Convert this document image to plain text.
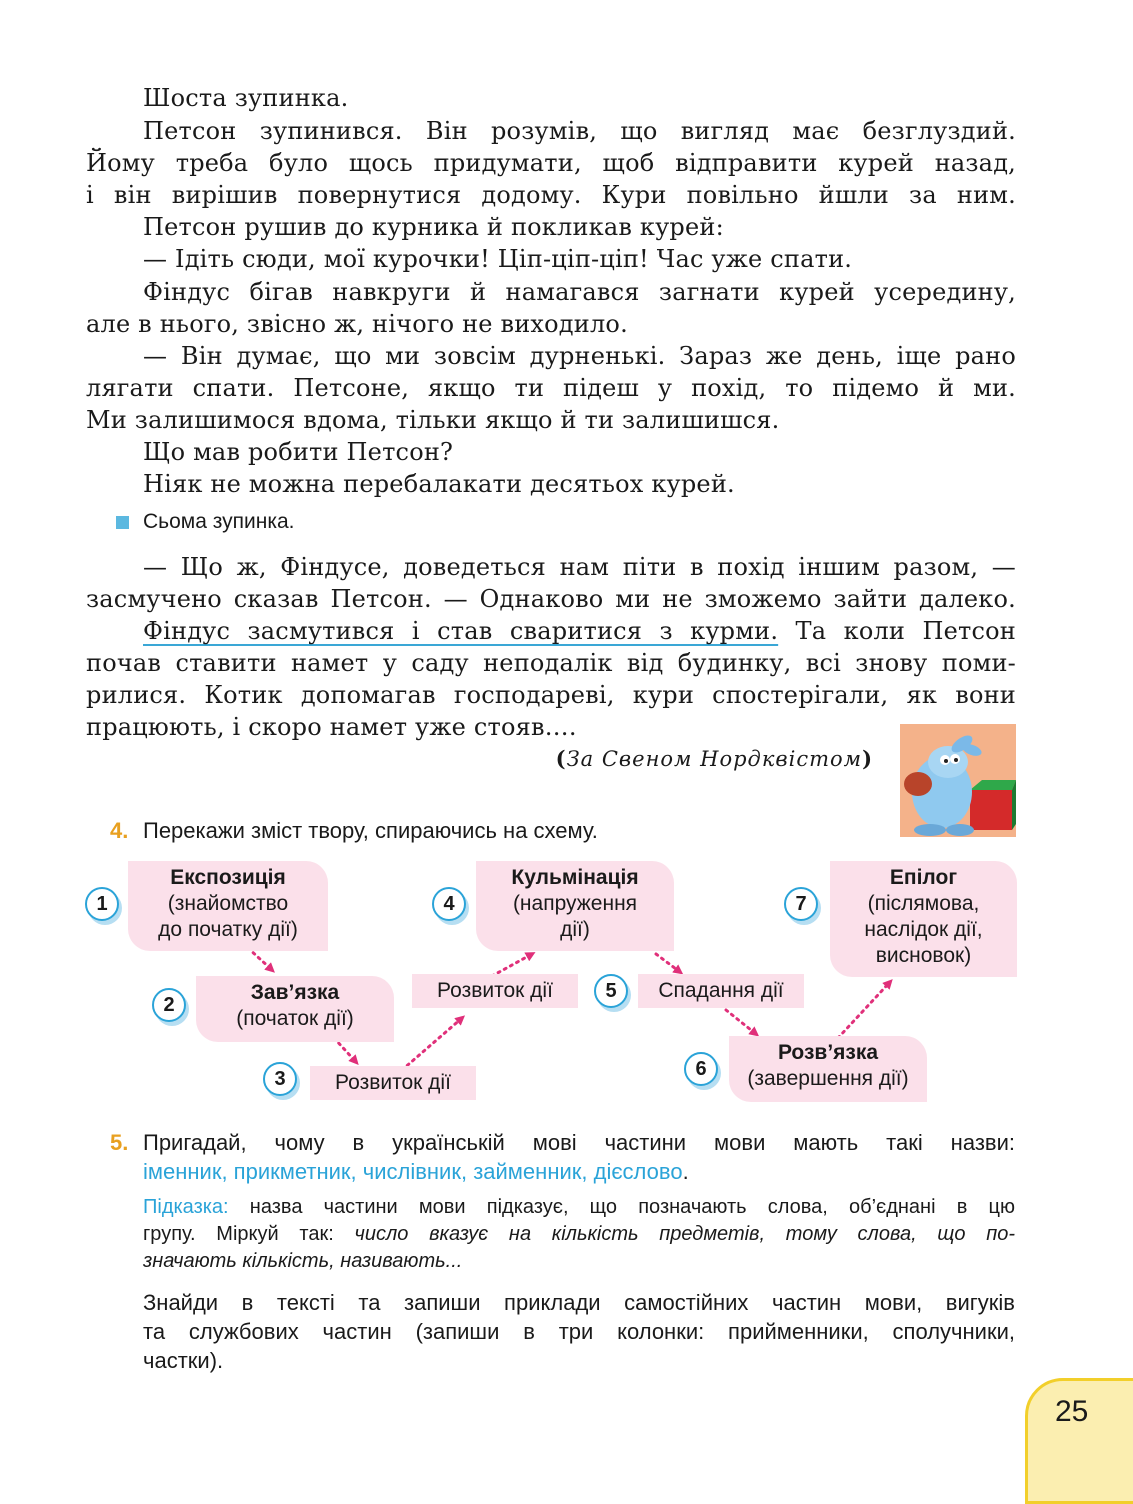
Шоста зупинка.
Петсон зупинився. Він розумів, що вигляд має безглуздий.
Йому треба було щось придумати, щоб відправити курей назад,
і він вирішив повернутися додому. Кури повільно йшли за ним.
Петсон рушив до курника й покликав курей:
— Ідіть сюди, мої курочки! Ціп-ціп-ціп! Час уже спати.
Фіндус бігав навкруги й намагався загнати курей усередину,
але в нього, звісно ж, нічого не виходило.
— Він думає, що ми зовсім дурненькі. Зараз же день, іще рано
лягати спати. Петсоне, якщо ти підеш у похід, то підемо й ми.
Ми залишимося вдома, тільки якщо й ти залишишся.
Що мав робити Петсон?
Ніяк не можна перебалакати десятьох курей.
Сьома зупинка.
— Що ж, Фіндусе, доведеться нам піти в похід іншим разом, —
засмучено сказав Петсон. — Однаково ми не зможемо зайти далеко.
Фіндус засмутився і став сваритися з курми. Та коли Петсон
почав ставити намет у саду неподалік від будинку, всі знову поми-
рилися. Котик допомагав господареві, кури спостерігали, як вони
працюють, і скоро намет уже стояв….
(За Свеном Нордквістом)
4. Перекажи зміст твору, спираючись на схему.
Експозиція
(знайомство
до початку дії)
1
Зав’язка
(початок дії)
2
Розвиток дії
3
Розвиток дії
Кульмінація
(напруження
дії)
4
Спадання дії
5
Розв’язка
(завершення дії)
6
Епілог
(післямова,
наслідок дії,
висновок)
7
5. Пригадай, чому в українській мові частини мови мають такі назви:
іменник, прикметник, числівник, займенник, дієслово.
Підказка: назва частини мови підказує, що позначають слова, об’єднані в цю
групу. Міркуй так: число вказує на кількість предметів, тому слова, що по-
значають кількість, називають...
Знайди в тексті та запиши приклади самостійних частин мови, вигуків
та службових частин (запиши в три колонки: прийменники, сполучники,
частки).
25
